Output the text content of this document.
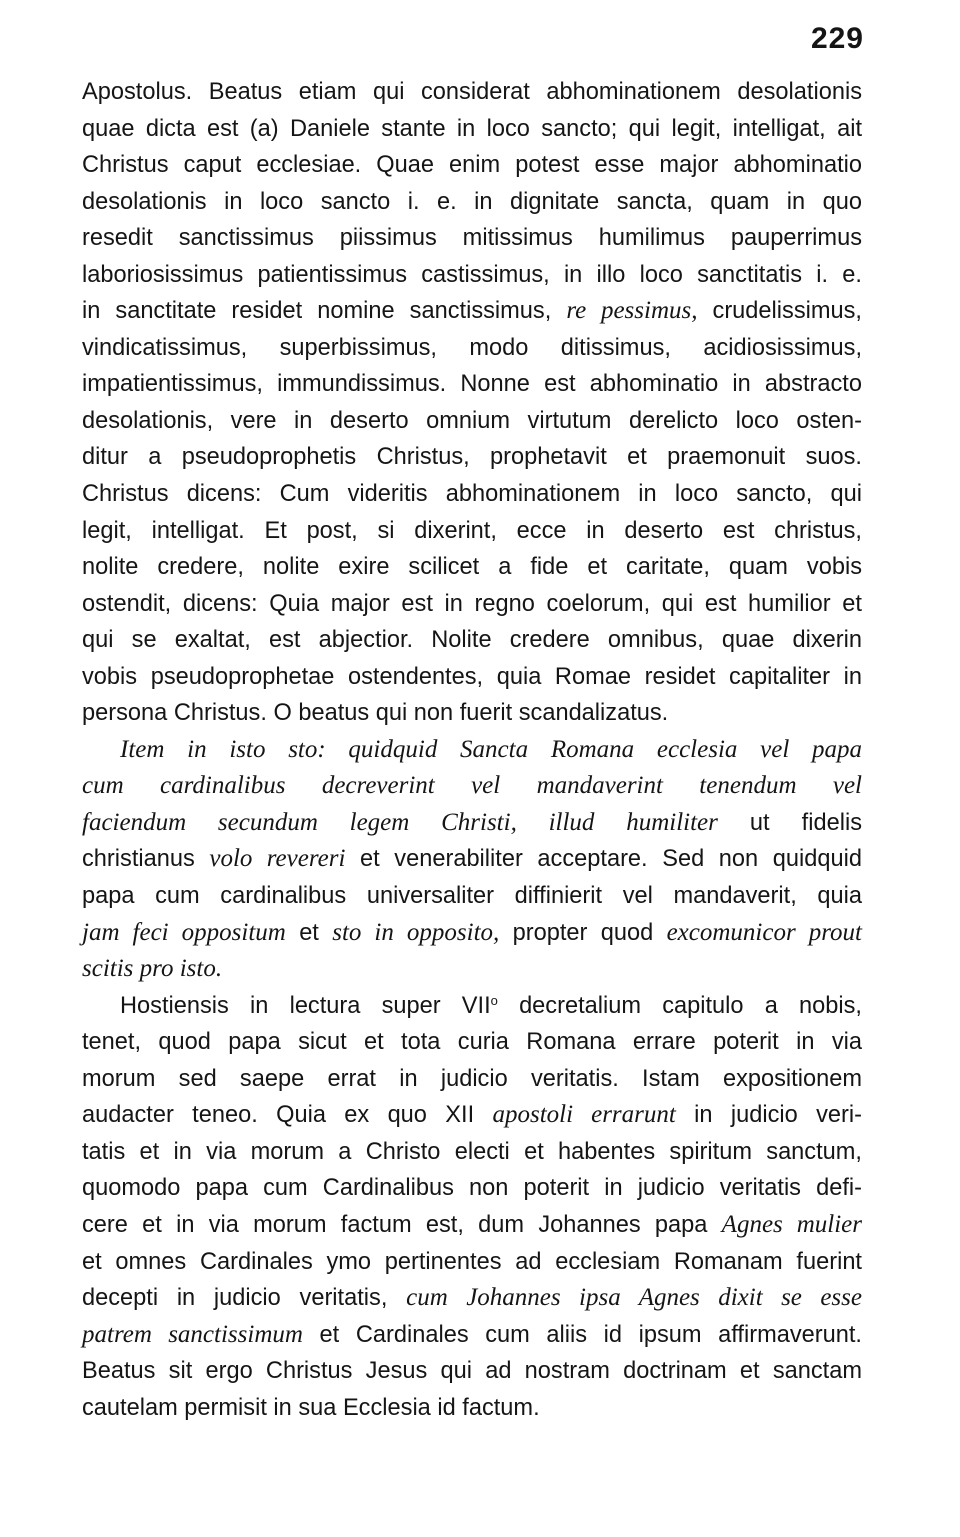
229
Apostolus. Beatus etiam qui considerat abhominationem desolationis
quae dicta est (a) Daniele stante in loco sancto; qui legit, intelligat, ait
Christus caput ecclesiae. Quae enim potest esse major abhominatio
desolationis in loco sancto i. e. in dignitate sancta, quam in quo
resedit sanctissimus piissimus mitissimus humilimus pauperrimus
laboriosissimus patientissimus castissimus, in illo loco sanctitatis i. e.
in sanctitate residet nomine sanctissimus, re pessimus, crudelissimus,
vindicatissimus, superbissimus, modo ditissimus, acidiosissimus,
impatientissimus, immundissimus. Nonne est abhominatio in abstracto
desolationis, vere in deserto omnium virtutum derelicto loco osten-
ditur a pseudoprophetis Christus, prophetavit et praemonuit suos.
Christus dicens: Cum videritis abhominationem in loco sancto, qui
legit, intelligat. Et post, si dixerint, ecce in deserto est christus,
nolite credere, nolite exire scilicet a fide et caritate, quam vobis
ostendit, dicens: Quia major est in regno coelorum, qui est humilior et
qui se exaltat, est abjectior. Nolite credere omnibus, quae dixerin
vobis pseudoprophetae ostendentes, quia Romae residet capitaliter in
persona Christus. O beatus qui non fuerit scandalizatus.
Item in isto sto: quidquid Sancta Romana ecclesia vel papa
cum cardinalibus decreverint vel mandaverint tenendum vel
faciendum secundum legem Christi, illud humiliter ut fidelis
christianus volo revereri et venerabiliter acceptare. Sed non quidquid
papa cum cardinalibus universaliter diffinierit vel mandaverit, quia
jam feci oppositum et sto in opposito, propter quod excomunicor prout
scitis pro isto.
Hostiensis in lectura super VII$^o$ decretalium capitulo a nobis,
tenet, quod papa sicut et tota curia Romana errare poterit in via
morum sed saepe errat in judicio veritatis. Istam expositionem
audacter teneo. Quia ex quo XII apostoli errarunt in judicio veri-
tatis et in via morum a Christo electi et habentes spiritum sanctum,
quomodo papa cum Cardinalibus non poterit in judicio veritatis defi-
cere et in via morum factum est, dum Johannes papa Agnes mulier
et omnes Cardinales ymo pertinentes ad ecclesiam Romanam fuerint
decepti in judicio veritatis, cum Johannes ipsa Agnes dixit se esse
patrem sanctissimum et Cardinales cum aliis id ipsum affirmaverunt.
Beatus sit ergo Christus Jesus qui ad nostram doctrinam et sanctam
cautelam permisit in sua Ecclesia id factum.
